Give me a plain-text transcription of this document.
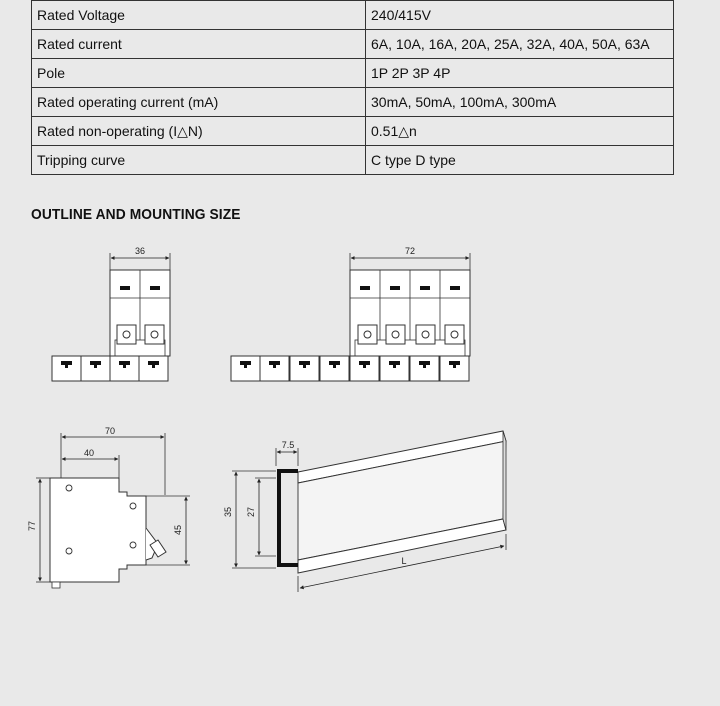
Rated Voltage	240/415V
Rated current	6A, 10A, 16A, 20A, 25A, 32A, 40A, 50A, 63A
Pole	1P 2P 3P 4P
Rated operating current (mA)	30mA, 50mA, 100mA, 300mA
Rated non-operating (I△N)	0.51△n
Tripping curve	C type D type
OUTLINE AND MOUNTING SIZE
36	72
70
40
77	45
7.5
35 27
L
